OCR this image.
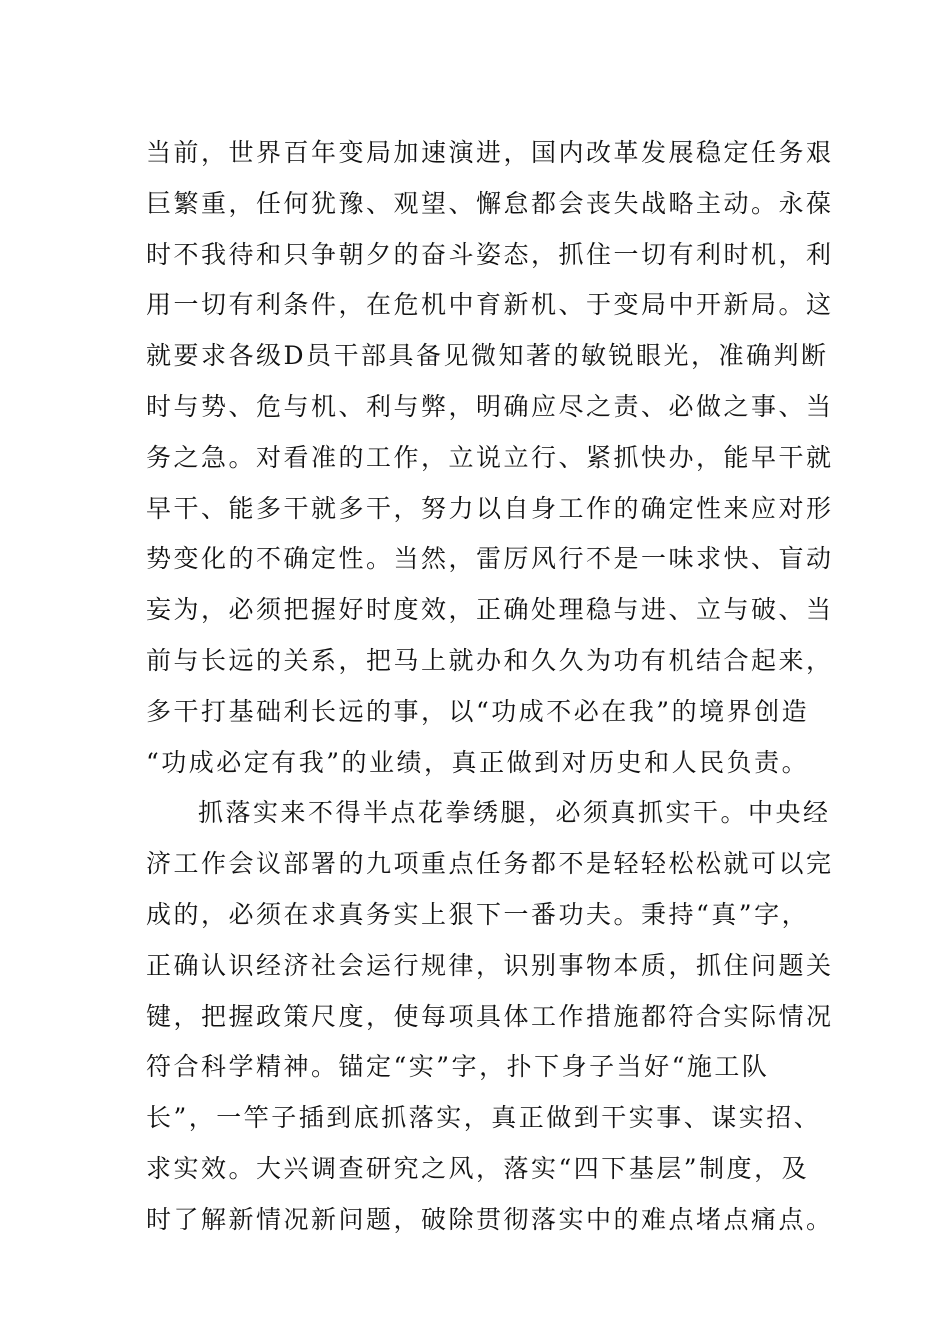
当前，世界百年变局加速演进，国内改革发展稳定任务艰
巨繁重，任何犹豫、观望、懈怠都会丧失战略主动。永葆
时不我待和只争朝夕的奋斗姿态，抓住一切有利时机，利
用一切有利条件，在危机中育新机、于变局中开新局。这
就要求各级D员干部具备见微知著的敏锐眼光，准确判断
时与势、危与机、利与弊，明确应尽之责、必做之事、当
务之急。对看准的工作，立说立行、紧抓快办，能早干就
早干、能多干就多干，努力以自身工作的确定性来应对形
势变化的不确定性。当然，雷厉风行不是一味求快、盲动
妄为，必须把握好时度效，正确处理稳与进、立与破、当
前与长远的关系，把马上就办和久久为功有机结合起来，
多干打基础利长远的事，以“功成不必在我”的境界创造
“功成必定有我”的业绩，真正做到对历史和人民负责。
抓落实来不得半点花拳绣腿，必须真抓实干。中央经
济工作会议部署的九项重点任务都不是轻轻松松就可以完
成的，必须在求真务实上狠下一番功夫。秉持“真”字，
正确认识经济社会运行规律，识别事物本质，抓住问题关
键，把握政策尺度，使每项具体工作措施都符合实际情况
符合科学精神。锚定“实”字，扑下身子当好“施工队
长”，一竿子插到底抓落实，真正做到干实事、谋实招、
求实效。大兴调查研究之风，落实“四下基层”制度，及
时了解新情况新问题，破除贯彻落实中的难点堵点痛点。
